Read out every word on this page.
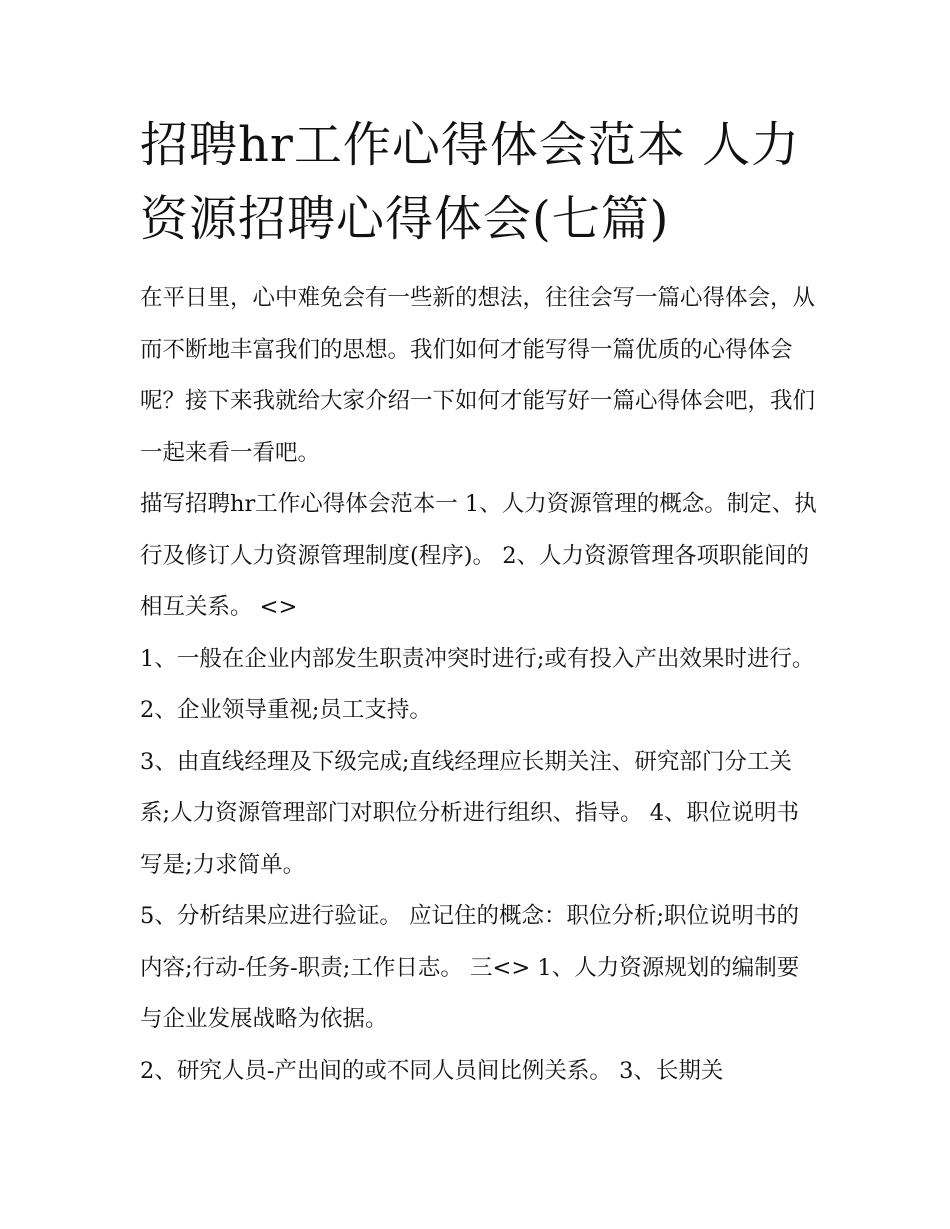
招聘hr工作心得体会范本 人力资源招聘心得体会(七篇)

在平日里，心中难免会有一些新的想法，往往会写一篇心得体会，从而不断地丰富我们的思想。我们如何才能写得一篇优质的心得体会呢？接下来我就给大家介绍一下如何才能写好一篇心得体会吧，我们一起来看一看吧。

描写招聘hr工作心得体会范本一 1、人力资源管理的概念。制定、执行及修订人力资源管理制度(程序)。 2、人力资源管理各项职能间的相互关系。 <>

1、一般在企业内部发生职责冲突时进行;或有投入产出效果时进行。 2、企业领导重视;员工支持。

3、由直线经理及下级完成;直线经理应长期关注、研究部门分工关系;人力资源管理部门对职位分析进行组织、指导。 4、职位说明书写是;力求简单。

5、分析结果应进行验证。 应记住的概念：职位分析;职位说明书的内容;行动-任务-职责;工作日志。 三<> 1、人力资源规划的编制要与企业发展战略为依据。

2、研究人员-产出间的或不同人员间比例关系。 3、长期关
